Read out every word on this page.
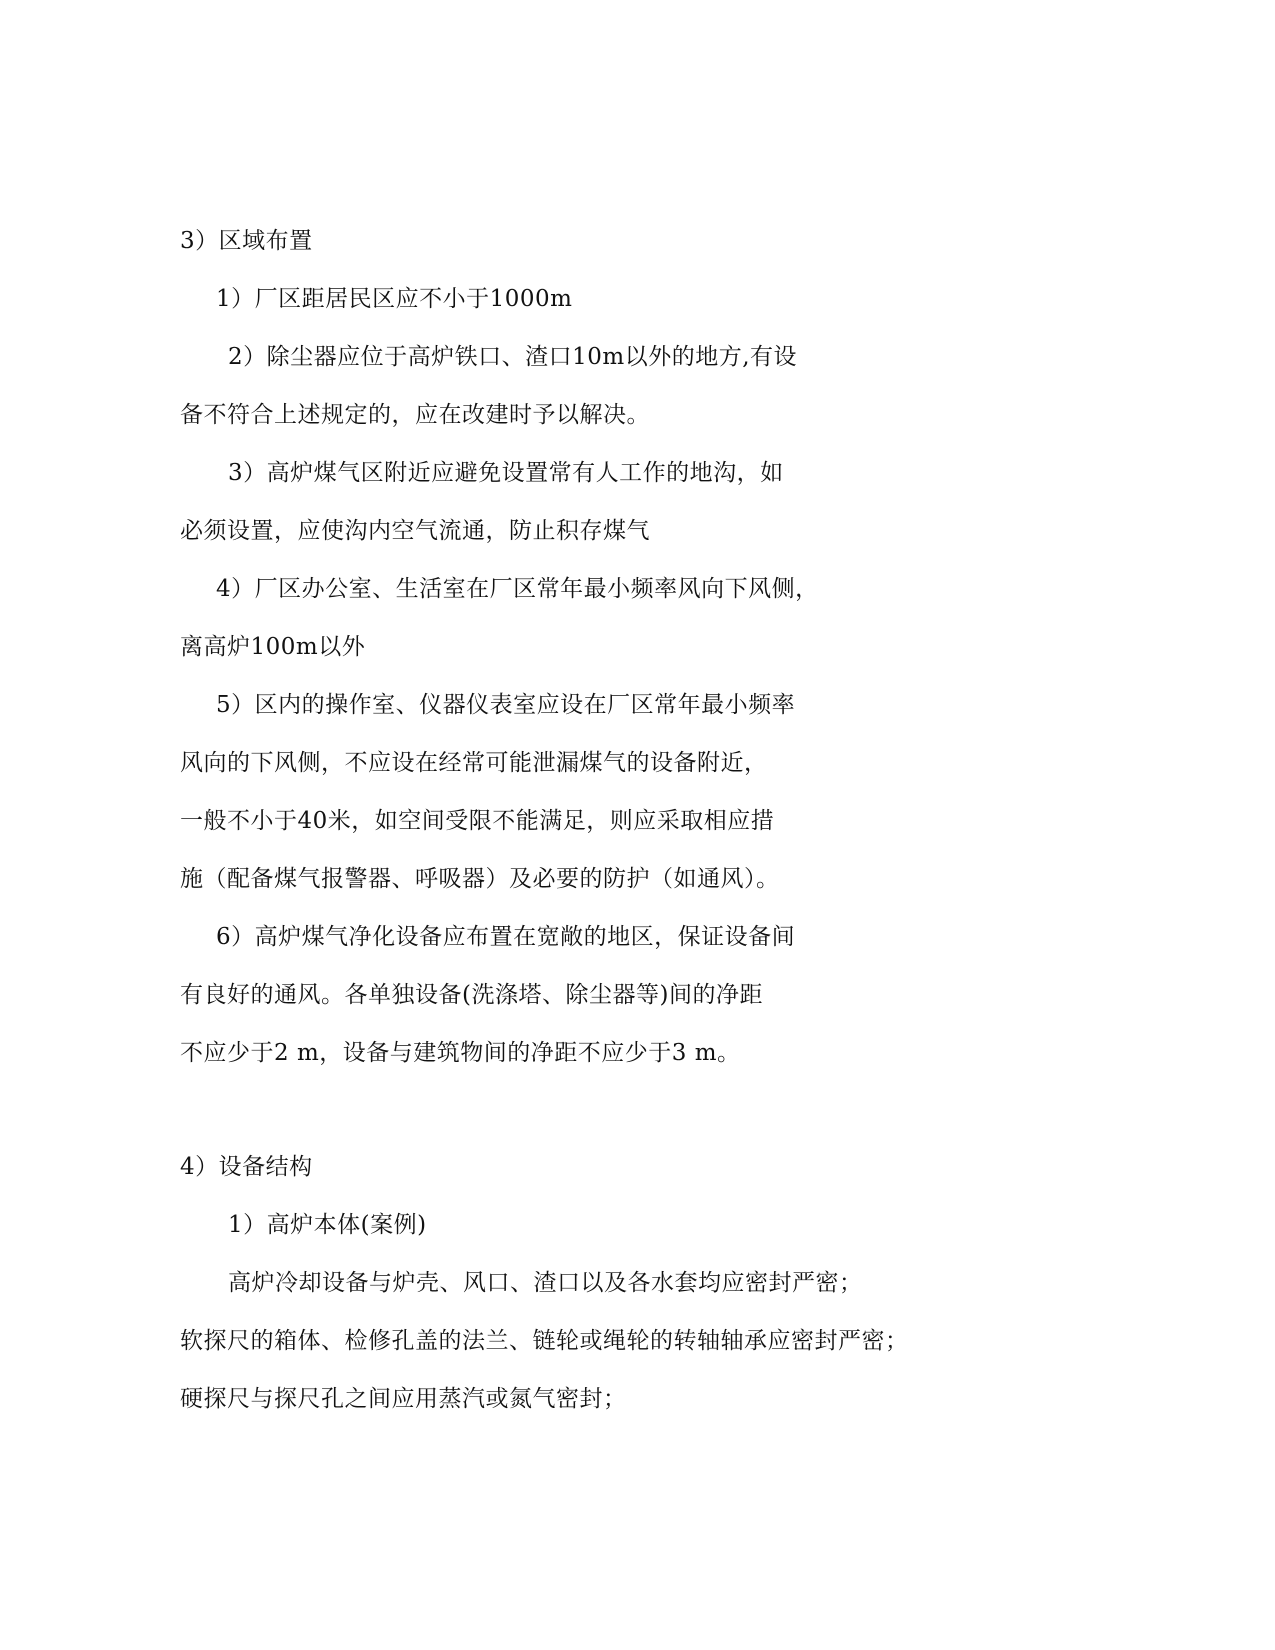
3）区域布置
1）厂区距居民区应不小于1000m
2）除尘器应位于高炉铁口、渣口10m以外的地方,有设
备不符合上述规定的，应在改建时予以解决。
3）高炉煤气区附近应避免设置常有人工作的地沟，如
必须设置，应使沟内空气流通，防止积存煤气
4）厂区办公室、生活室在厂区常年最小频率风向下风侧，
离高炉100m以外
5）区内的操作室、仪器仪表室应设在厂区常年最小频率
风向的下风侧，不应设在经常可能泄漏煤气的设备附近，
一般不小于40米，如空间受限不能满足，则应采取相应措
施（配备煤气报警器、呼吸器）及必要的防护（如通风）。
6）高炉煤气净化设备应布置在宽敞的地区，保证设备间
有良好的通风。各单独设备(洗涤塔、除尘器等)间的净距
不应少于2 m，设备与建筑物间的净距不应少于3 m。
4）设备结构
1）高炉本体(案例)
高炉冷却设备与炉壳、风口、渣口以及各水套均应密封严密；
软探尺的箱体、检修孔盖的法兰、链轮或绳轮的转轴轴承应密封严密；
硬探尺与探尺孔之间应用蒸汽或氮气密封；
